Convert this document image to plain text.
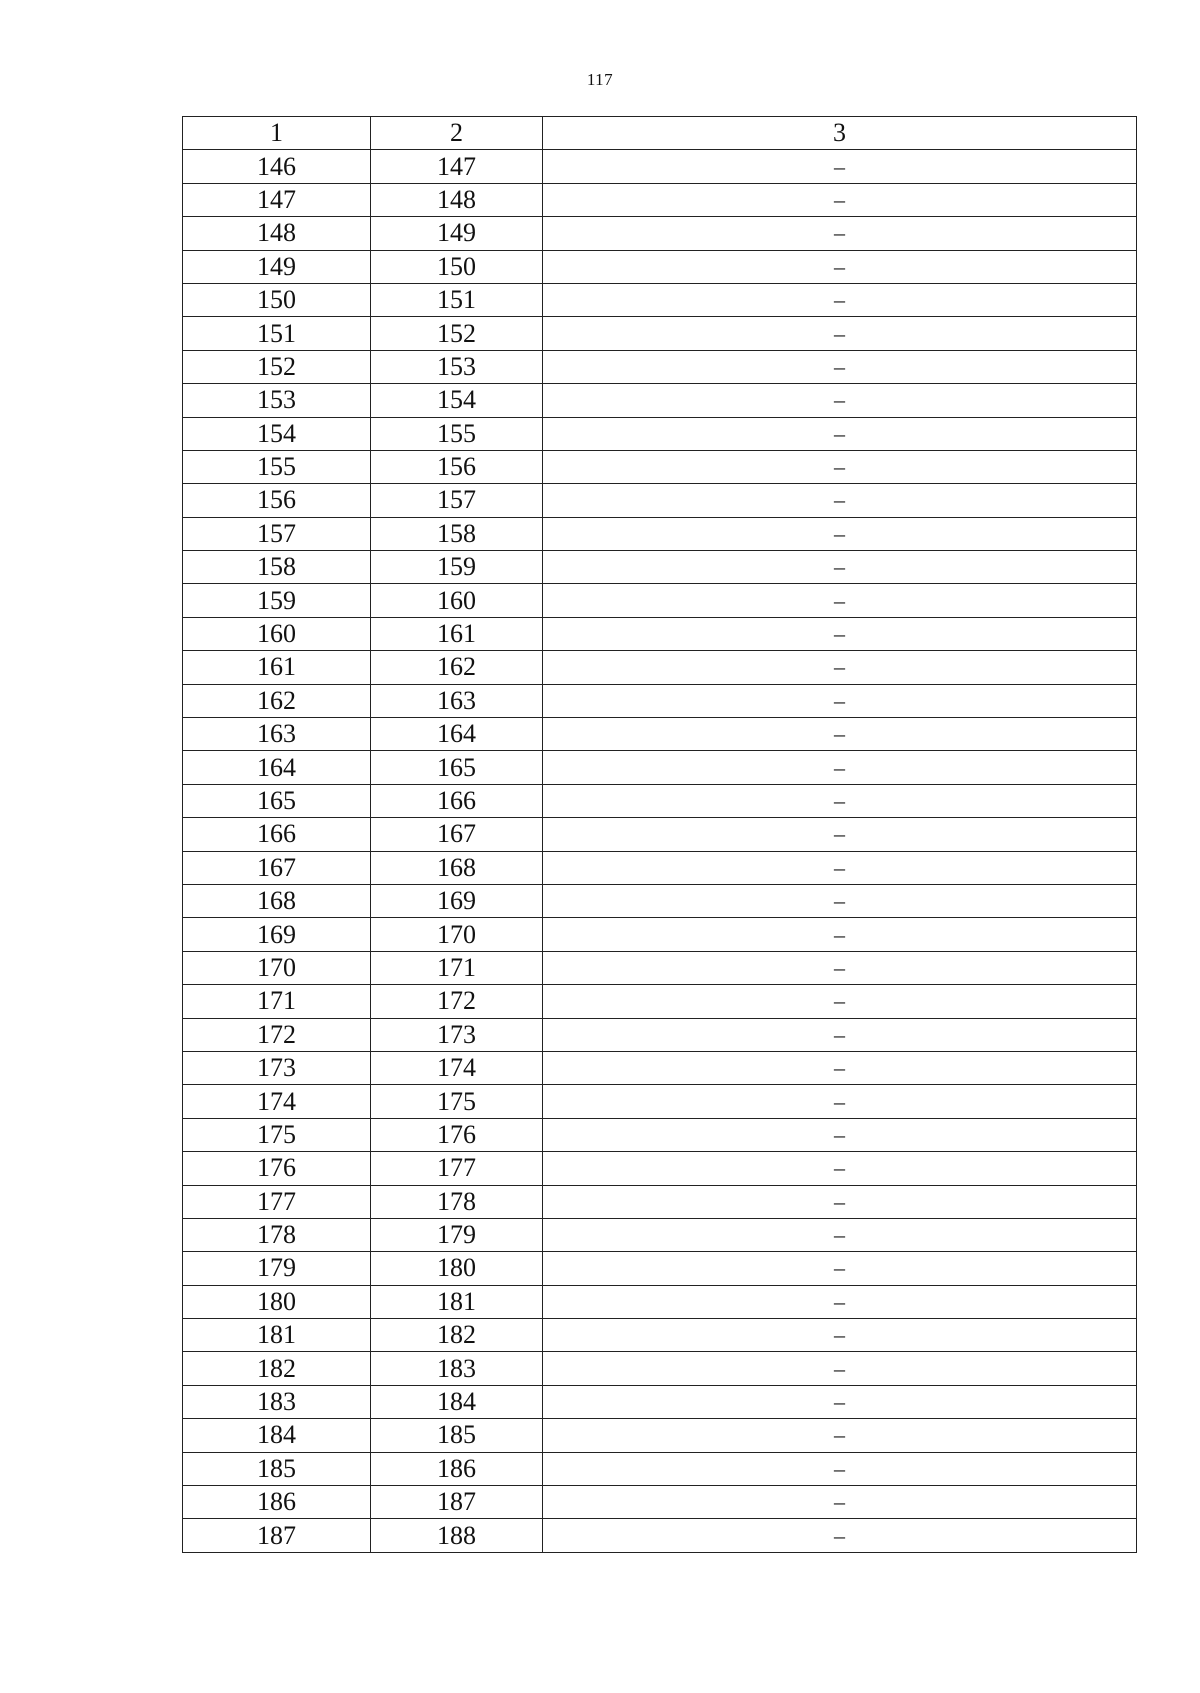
117
1	2	3
146	147	–
147	148	–
148	149	–
149	150	–
150	151	–
151	152	–
152	153	–
153	154	–
154	155	–
155	156	–
156	157	–
157	158	–
158	159	–
159	160	–
160	161	–
161	162	–
162	163	–
163	164	–
164	165	–
165	166	–
166	167	–
167	168	–
168	169	–
169	170	–
170	171	–
171	172	–
172	173	–
173	174	–
174	175	–
175	176	–
176	177	–
177	178	–
178	179	–
179	180	–
180	181	–
181	182	–
182	183	–
183	184	–
184	185	–
185	186	–
186	187	–
187	188	–
